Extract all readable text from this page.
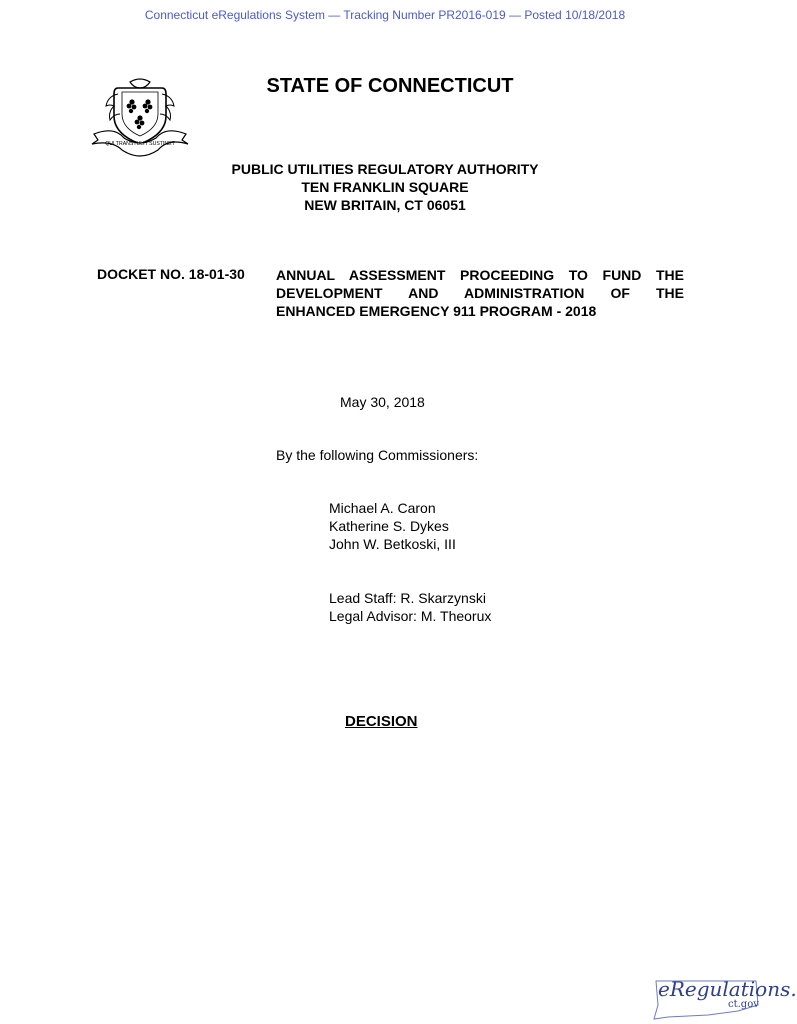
Connecticut eRegulations System — Tracking Number PR2016-019 — Posted 10/18/2018
QUI TRANSTULIT SUSTINET
STATE OF CONNECTICUT
PUBLIC UTILITIES REGULATORY AUTHORITY
TEN FRANKLIN SQUARE
NEW BRITAIN, CT 06051
DOCKET NO. 18-01-30 ANNUAL ASSESSMENT PROCEEDING TO FUND THE
DEVELOPMENT AND ADMINISTRATION OF THE
ENHANCED EMERGENCY 911 PROGRAM - 2018
May 30, 2018
By the following Commissioners:
Michael A. Caron
Katherine S. Dykes
John W. Betkoski, III
Lead Staff: R. Skarzynski
Legal Advisor: M. Theorux
DECISION
eRegulations.
ct.gov
